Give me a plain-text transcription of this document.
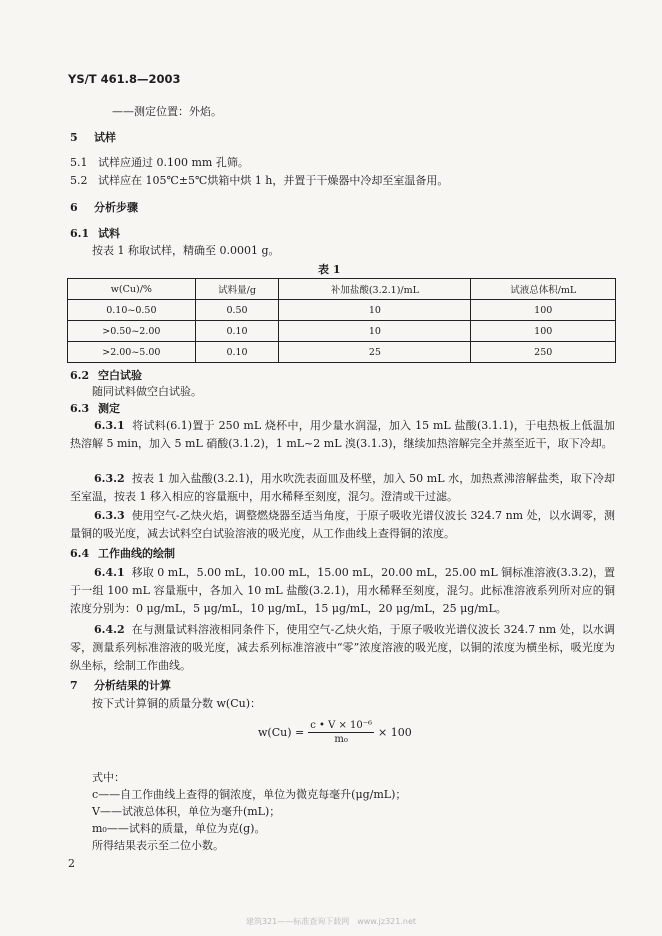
YS/T 461.8—2003
——测定位置：外焰。
5 试样
5.1 试样应通过 0.100 mm 孔筛。
5.2 试样应在 105℃±5℃烘箱中烘 1 h，并置于干燥器中冷却至室温备用。
6 分析步骤
6.1 试料
按表 1 称取试样，精确至 0.0001 g。
表 1
w(Cu)/%	试料量/g	补加盐酸(3.2.1)/mL	试液总体积/mL
0.10~0.50	0.50	10	100
>0.50~2.00	0.10	10	100
>2.00~5.00	0.10	25	250
6.2 空白试验
随同试料做空白试验。
6.3 测定
6.3.1 将试料(6.1)置于 250 mL 烧杯中，用少量水润湿，加入 15 mL 盐酸(3.1.1)，于电热板上低温加热溶解 5 min，加入 5 mL 硝酸(3.1.2)，1 mL~2 mL 溴(3.1.3)，继续加热溶解完全并蒸至近干，取下冷却。
6.3.2 按表 1 加入盐酸(3.2.1)，用水吹洗表面皿及杯壁，加入 50 mL 水，加热煮沸溶解盐类，取下冷却至室温，按表 1 移入相应的容量瓶中，用水稀释至刻度，混匀。澄清或干过滤。
6.3.3 使用空气-乙炔火焰，调整燃烧器至适当角度，于原子吸收光谱仪波长 324.7 nm 处，以水调零，测量铜的吸光度，减去试料空白试验溶液的吸光度，从工作曲线上查得铜的浓度。
6.4 工作曲线的绘制
6.4.1 移取 0 mL，5.00 mL，10.00 mL，15.00 mL，20.00 mL，25.00 mL 铜标准溶液(3.3.2)，置于一组 100 mL 容量瓶中，各加入 10 mL 盐酸(3.2.1)，用水稀释至刻度，混匀。此标准溶液系列所对应的铜浓度分别为：0 μg/mL，5 μg/mL，10 μg/mL，15 μg/mL，20 μg/mL，25 μg/mL。
6.4.2 在与测量试料溶液相同条件下，使用空气-乙炔火焰，于原子吸收光谱仪波长 324.7 nm 处，以水调零，测量系列标准溶液的吸光度，减去系列标准溶液中“零”浓度溶液的吸光度，以铜的浓度为横坐标，吸光度为纵坐标，绘制工作曲线。
7 分析结果的计算
按下式计算铜的质量分数 w(Cu)：
$w(Cu) = \frac{\text{c • V × 10⁻⁶}}{\text{m₀}} \times 100$
式中：
c——自工作曲线上查得的铜浓度，单位为微克每毫升(μg/mL)；
V——试液总体积，单位为毫升(mL)；
m₀——试料的质量，单位为克(g)。
所得结果表示至二位小数。
2
建筑321——标准查询下载网　www.jz321.net
